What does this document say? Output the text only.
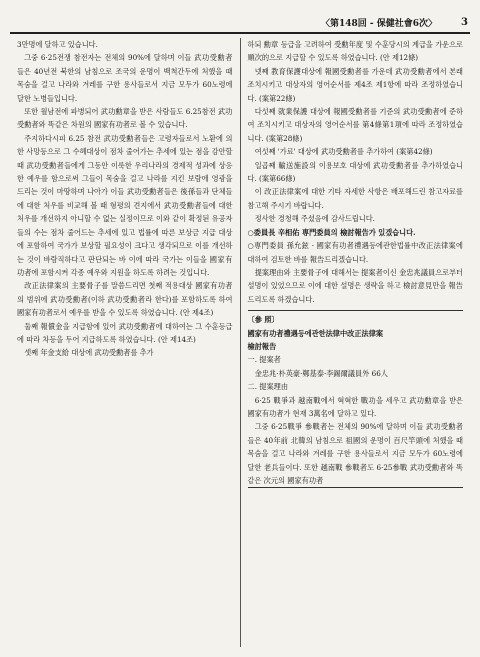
〈第148回 - 保健社會6次〉 3

3만명에 달하고 있습니다.

그중 6·25전쟁 참전자는 전체의 90%에 달하며 이들 武功受勳者들은 40년전 북한의 남침으로 조국의 운명이 백척간두에 처했을 때 목숨을 걸고 나라와 겨레를 구한 용사들로서 지금 모두가 60노령에 달한 노병들입니다.

또한 월남전에 파병되어 武功勳章을 받은 사람들도 6.25참전 武功受勳者와 똑같은 차원의 國家有功者로 볼 수 있습니다.

주지하다시피 6.25 참전 武功受勳者들은 고령자들로서 노환에 의한 사망등으로 그 수혜대상이 점차 줄어가는 추세에 있는 점을 감안할때 武功受勳者들에게 그동안 이룩한 우리나라의 경제적 성과에 상응한 예우를 함으로써 그들이 목숨을 걸고 나라를 지킨 보람에 영광을 드리는 것이 마땅하며 나아가 이들 武功受勳者들은 後孫들과 단체들에 대한 처우를 비교해 볼 때 형평의 견지에서 武功受勳者들에 대한 처우를 개선하지 아니할 수 없는 실정이므로 이와 같이 확정된 유공자들의 수는 점차 줄어드는 추세에 있고 법률에 따른 보상금 지급 대상에 포함하여 국가가 보상할 필요성이 크다고 생각되므로 이를 개선하는 것이 바람직하다고 판단되는 바 이에 따라 국가는 이들을 國家有功者에 포함시켜 각종 예우와 지원을 하도록 하려는 것입니다.

改正法律案의 主要骨子를 말씀드리면 첫째 적용대상 國家有功者의 범위에 武功受勳者(이하 武功受勳者라 한다)를 포함하도록 하여 國家有功者로서 예우를 받을 수 있도록 하였습니다. (안 제4조)

둘째 報償金을 지급함에 있어 武功受勳者에 대하여는 그 수훈등급에 따라 차등을 두어 지급하도록 하였습니다. (안 제14조)

셋째 年金支給 대상에 武功受勳者를 추가

하되 勳章 등급을 고려하여 受勳年度 및 수훈당시의 계급을 가운으로 順次的으로 지급할 수 있도록 하였습니다. (안 제12條)

넷째 教育保護대상에 報國受勳者를 가운데 武功受勳者에서 본래 조치시키고 대상자의 영어순서를 제4조 제1항에 따라 조정하였습니다. (案第22條)

다섯째 就業保護 대상에 報國受勳者를 기준의 武功受勳者에 준하여 조치시키고 대상자의 영어순서를 第4條第1項에 따라 조정하였습니다. (案第28條)

여섯째 '가료' 대상에 武功受勳者를 추가하여 (案第42條)

일곱째 輸送施設의 이용보호 대상에 武功受勳者를 추가하였습니다. (案第66條)

이 改正法律案에 대한 기타 자세한 사항은 배포해드린 참고자료를 참고해 주시기 바랍니다.

정사한 경청해 주셨음에 감사드립니다.

○委員長 辛相佑 専門委員의 檢討報告가 있겠습니다.

○専門委員 孫允鉉 · 國家有功者禮遇등에관한법률中改正法律案에 대하여 검토한 바를 報告드리겠습니다.

提案理由와 主要骨子에 대해서는 提案者이신 金忠兆議員으로부터 설명이 있었으므로 이에 대한 설명은 생략을 하고 檢討意見만을 報告드리도록 하겠습니다.

〔參 照〕

國家有功者禮遇등에관한法律中改正法律案

檢討報告

一. 提案者

金忠兆·朴英豪·鄭基泰·李錫爾議員外 66人

二. 提案理由

6·25 戰爭과 越南戰에서 혁혁한 戰功을 세우고 武功勳章을 받은 國家有功者가 현재 3萬名에 달하고 있다.

그중 6·25戰爭 參戰者는 전체의 90%에 달하며 이들 武功受勳者들은 40年前 北韓의 남침으로 祖國의 운명이 百尺竿頭에 처했을 때 목숨을 걸고 나라와 겨레를 구한 용사들로서 지금 모두가 60노령에 달한 老兵들이다. 또한 越南戰 參戰者도 6·25參戰 武功受勳者와 똑같은 次元의 國家有功者
